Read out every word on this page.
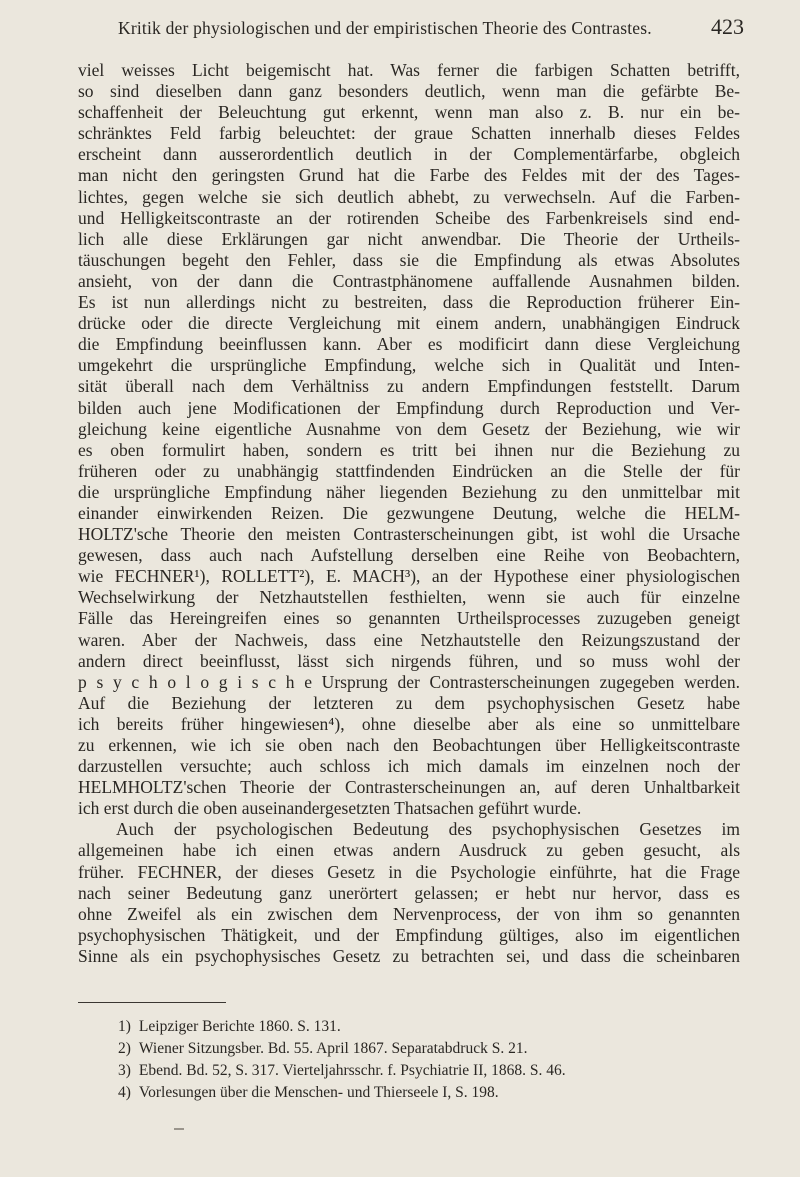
Kritik der physiologischen und der empiristischen Theorie des Contrastes.	423
viel weisses Licht beigemischt hat. Was ferner die farbigen Schatten betrifft,
so sind dieselben dann ganz besonders deutlich, wenn man die gefärbte Be-
schaffenheit der Beleuchtung gut erkennt, wenn man also z. B. nur ein be-
schränktes Feld farbig beleuchtet: der graue Schatten innerhalb dieses Feldes
erscheint dann ausserordentlich deutlich in der Complementärfarbe, obgleich
man nicht den geringsten Grund hat die Farbe des Feldes mit der des Tages-
lichtes, gegen welche sie sich deutlich abhebt, zu verwechseln. Auf die Farben-
und Helligkeitscontraste an der rotirenden Scheibe des Farbenkreisels sind end-
lich alle diese Erklärungen gar nicht anwendbar. Die Theorie der Urtheils-
täuschungen begeht den Fehler, dass sie die Empfindung als etwas Absolutes
ansieht, von der dann die Contrastphänomene auffallende Ausnahmen bilden.
Es ist nun allerdings nicht zu bestreiten, dass die Reproduction früherer Ein-
drücke oder die directe Vergleichung mit einem andern, unabhängigen Eindruck
die Empfindung beeinflussen kann. Aber es modificirt dann diese Vergleichung
umgekehrt die ursprüngliche Empfindung, welche sich in Qualität und Inten-
sität überall nach dem Verhältniss zu andern Empfindungen feststellt. Darum
bilden auch jene Modificationen der Empfindung durch Reproduction und Ver-
gleichung keine eigentliche Ausnahme von dem Gesetz der Beziehung, wie wir
es oben formulirt haben, sondern es tritt bei ihnen nur die Beziehung zu
früheren oder zu unabhängig stattfindenden Eindrücken an die Stelle der für
die ursprüngliche Empfindung näher liegenden Beziehung zu den unmittelbar mit
einander einwirkenden Reizen. Die gezwungene Deutung, welche die HELM-
HOLTZ'sche Theorie den meisten Contrasterscheinungen gibt, ist wohl die Ursache
gewesen, dass auch nach Aufstellung derselben eine Reihe von Beobachtern,
wie FECHNER¹), ROLLETT²), E. MACH³), an der Hypothese einer physiologischen
Wechselwirkung der Netzhautstellen festhielten, wenn sie auch für einzelne
Fälle das Hereingreifen eines so genannten Urtheilsprocesses zuzugeben geneigt
waren. Aber der Nachweis, dass eine Netzhautstelle den Reizungszustand der
andern direct beeinflusst, lässt sich nirgends führen, und so muss wohl der
p s y c h o l o g i s c h e Ursprung der Contrasterscheinungen zugegeben werden.
Auf die Beziehung der letzteren zu dem psychophysischen Gesetz habe
ich bereits früher hingewiesen⁴), ohne dieselbe aber als eine so unmittelbare
zu erkennen, wie ich sie oben nach den Beobachtungen über Helligkeitscontraste
darzustellen versuchte; auch schloss ich mich damals im einzelnen noch der
HELMHOLTZ'schen Theorie der Contrasterscheinungen an, auf deren Unhaltbarkeit
ich erst durch die oben auseinandergesetzten Thatsachen geführt wurde.
Auch der psychologischen Bedeutung des psychophysischen Gesetzes im
allgemeinen habe ich einen etwas andern Ausdruck zu geben gesucht, als
früher. FECHNER, der dieses Gesetz in die Psychologie einführte, hat die Frage
nach seiner Bedeutung ganz unerörtert gelassen; er hebt nur hervor, dass es
ohne Zweifel als ein zwischen dem Nervenprocess, der von ihm so genannten
psychophysischen Thätigkeit, und der Empfindung gültiges, also im eigentlichen
Sinne als ein psychophysisches Gesetz zu betrachten sei, und dass die scheinbaren
1) Leipziger Berichte 1860. S. 131.
2) Wiener Sitzungsber. Bd. 55. April 1867. Separatabdruck S. 21.
3) Ebend. Bd. 52, S. 317. Vierteljahrsschr. f. Psychiatrie II, 1868. S. 46.
4) Vorlesungen über die Menschen- und Thierseele I, S. 198.
